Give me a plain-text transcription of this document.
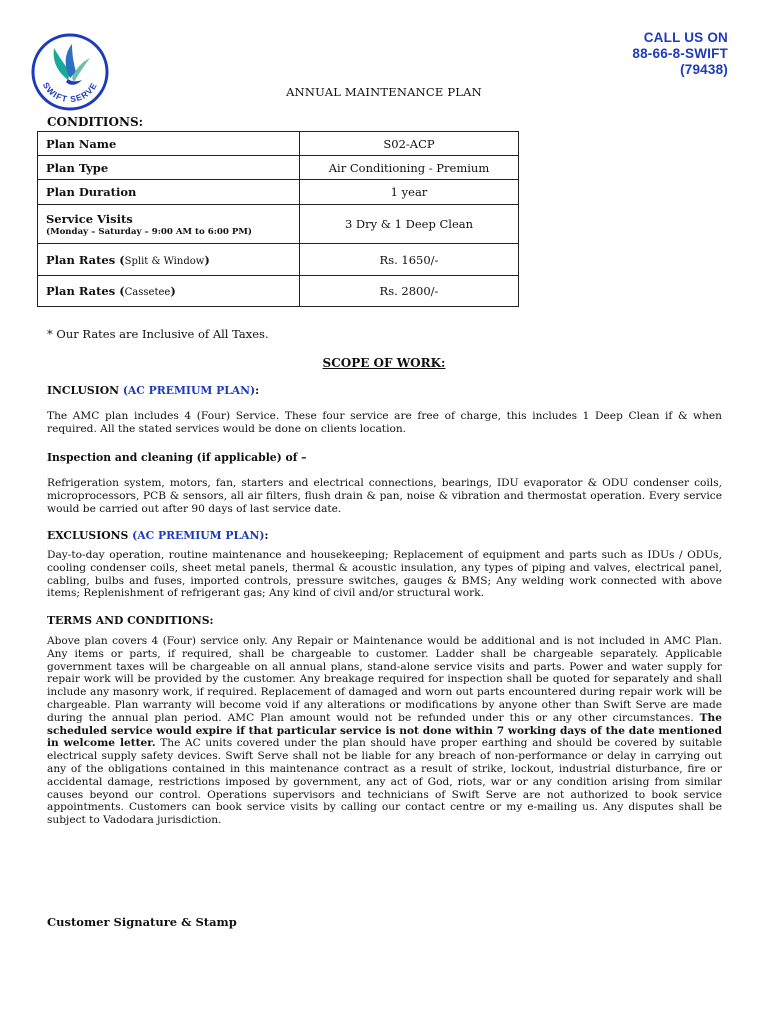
SWIFT SERVE
CALL US ON
88-66-8-SWIFT
(79438)
ANNUAL MAINTENANCE PLAN
CONDITIONS:
Plan Name	S02-ACP
Plan Type	Air Conditioning - Premium
Plan Duration	1 year
Service Visits
(Monday – Saturday – 9:00 AM to 6:00 PM)	3 Dry & 1 Deep Clean
Plan Rates (Split & Window)	Rs. 1650/-
Plan Rates (Cassetee)	Rs. 2800/-
* Our Rates are Inclusive of All Taxes.
SCOPE OF WORK:
INCLUSION (AC PREMIUM PLAN):
The AMC plan includes 4 (Four) Service. These four service are free of charge, this includes 1 Deep Clean if & when required. All the stated services would be done on clients location.
Inspection and cleaning (if applicable) of –
Refrigeration system, motors, fan, starters and electrical connections, bearings, IDU evaporator & ODU condenser coils, microprocessors, PCB & sensors, all air filters, flush drain & pan, noise & vibration and thermostat operation. Every service would be carried out after 90 days of last service date.
EXCLUSIONS (AC PREMIUM PLAN):
Day-to-day operation, routine maintenance and housekeeping; Replacement of equipment and parts such as IDUs / ODUs, cooling condenser coils, sheet metal panels, thermal & acoustic insulation, any types of piping and valves, electrical panel, cabling, bulbs and fuses, imported controls, pressure switches, gauges & BMS; Any welding work connected with above items; Replenishment of refrigerant gas; Any kind of civil and/or structural work.
TERMS AND CONDITIONS:
Above plan covers 4 (Four) service only. Any Repair or Maintenance would be additional and is not included in AMC Plan. Any items or parts, if required, shall be chargeable to customer. Ladder shall be chargeable separately. Applicable government taxes will be chargeable on all annual plans, stand-alone service visits and parts. Power and water supply for repair work will be provided by the customer. Any breakage required for inspection shall be quoted for separately and shall include any masonry work, if required. Replacement of damaged and worn out parts encountered during repair work will be chargeable. Plan warranty will become void if any alterations or modifications by anyone other than Swift Serve are made during the annual plan period. AMC Plan amount would not be refunded under this or any other circumstances. The scheduled service would expire if that particular service is not done within 7 working days of the date mentioned in welcome letter. The AC units covered under the plan should have proper earthing and should be covered by suitable electrical supply safety devices. Swift Serve shall not be liable for any breach of non-performance or delay in carrying out any of the obligations contained in this maintenance contract as a result of strike, lockout, industrial disturbance, fire or accidental damage, restrictions imposed by government, any act of God, riots, war or any condition arising from similar causes beyond our control. Operations supervisors and technicians of Swift Serve are not authorized to book service appointments. Customers can book service visits by calling our contact centre or my e-mailing us. Any disputes shall be subject to Vadodara jurisdiction.
Customer Signature & Stamp
